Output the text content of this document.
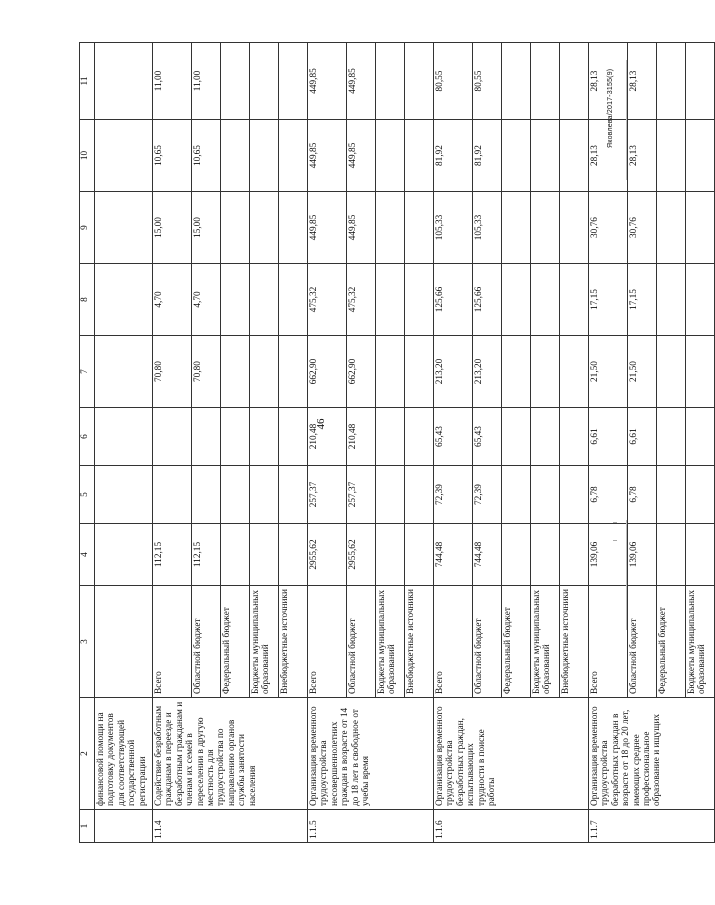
46
1	2	3	4	5	6	7	8	9	10	11
	финансовой помощи на подготовку документов для соответствующей государственной регистрации									
1.1.4	Содействие безработным гражданам в переезде и безработным гражданам и членам их семей в переселении в другую местность для трудоустройства по направлению органов службы занятости населения	Всего	112,15			70,80	4,70	15,00	10,65	11,00
		Областной бюджет	112,15			70,80	4,70	15,00	10,65	11,00
		Федеральный бюджет								
		Бюджеты муниципальных образований								
		Внебюджетные источники								
1.1.5	Организация временного трудоустройства несовершеннолетних граждан в возрасте от 14 до 18 лет в свободное от учебы время	Всего	2955,62	257,37	210,48	662,90	475,32	449,85	449,85	449,85
		Областной бюджет	2955,62	257,37	210,48	662,90	475,32	449,85	449,85	449,85
		Бюджеты муниципальных образований								
		Внебюджетные источники								
1.1.6	Организация временного трудоустройства безработных граждан, испытывающих трудности в поиске работы	Всего	744,48	72,39	65,43	213,20	125,66	105,33	81,92	80,55
		Областной бюджет	744,48	72,39	65,43	213,20	125,66	105,33	81,92	80,55
		Федеральный бюджет								
		Бюджеты муниципальных образований								
		Внебюджетные источники								
1.1.7	Организация временного трудоустройства безработных граждан в возрасте от 18 до 20 лет, имеющих среднее профессиональное образование и ищущих	Всего	139,06	6,78	6,61	21,50	17,15	30,76	28,13	28,13
		Областной бюджет	139,06	6,78	6,61	21,50	17,15	30,76	28,13	28,13
		Федеральный бюджет								
		Бюджеты муниципальных образований								
Яковлева/2017-3155(9)
